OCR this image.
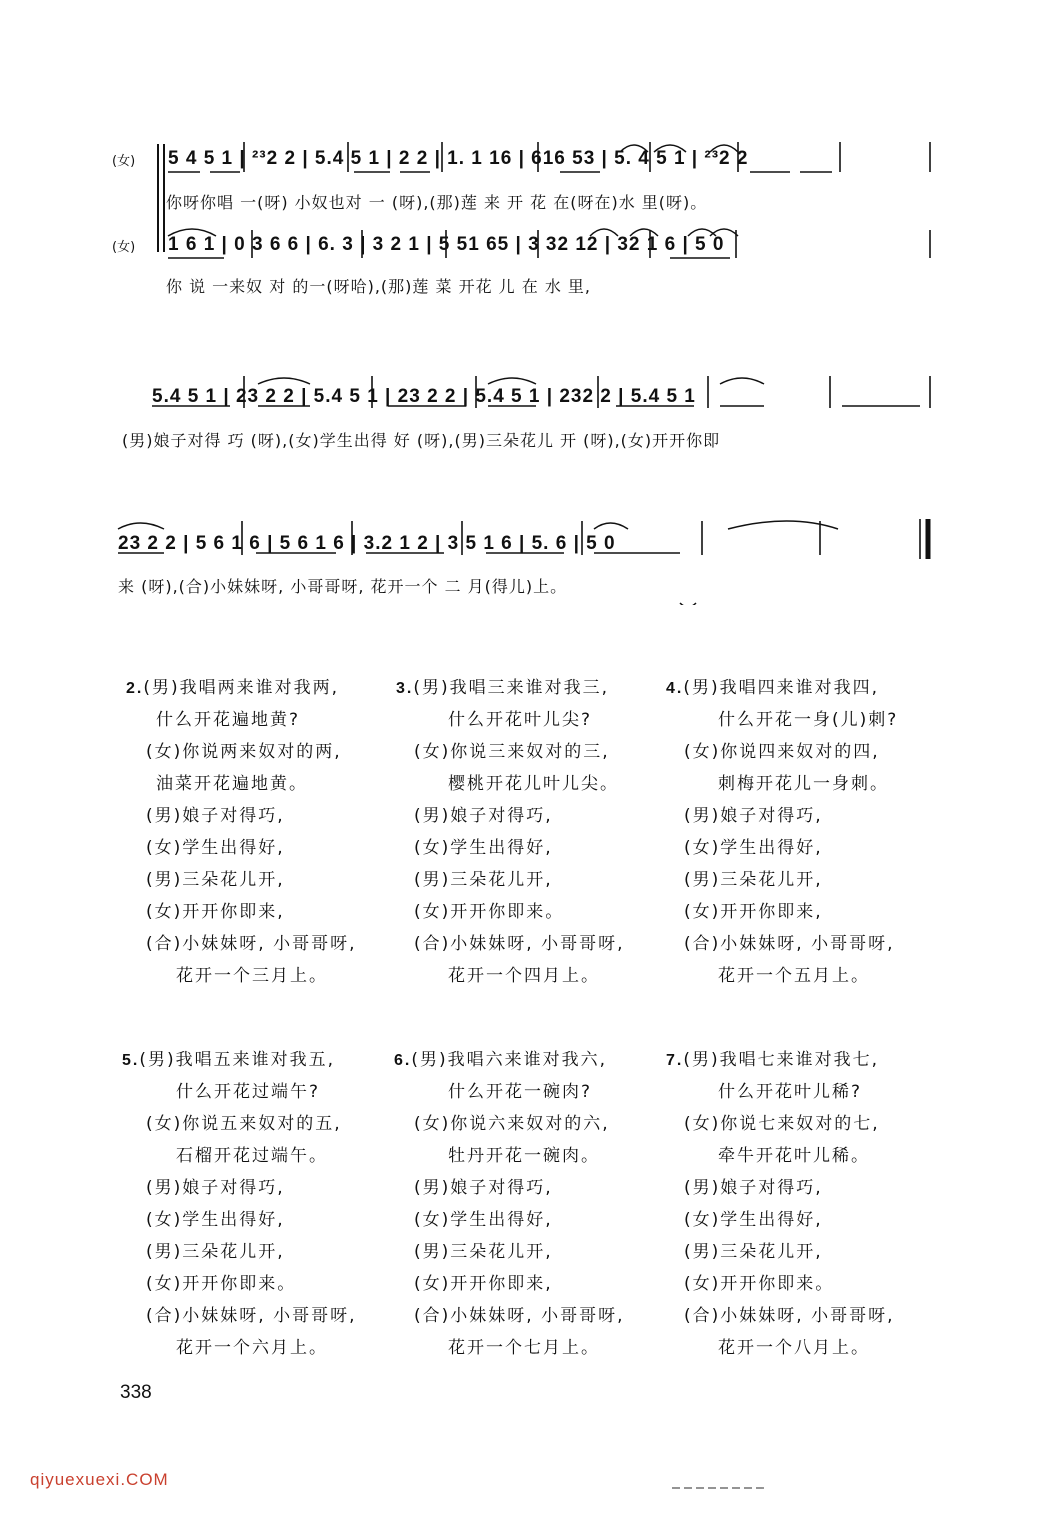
(女) 5 4 5 1 | ²³2 2 | 5.4 5 1 | 2 2 | 1. 1 16 | 616 53 | 5. 4 5 1 | ²³2 2
你呀你唱 一(呀) 小奴也对 一 (呀),(那)莲 来 开 花 在(呀在)水 里(呀)。
(女) 1 6 1 | 0 3 6 6 | 6. 3 | 3 2 1 | 5 51 65 | 3 32 12 | 32 1 6 | 5 0
你 说 一来奴 对 的一(呀哈),(那)莲 菜 开花 儿 在 水 里,
5.4 5 1 | 23 2 2 | 5.4 5 1 | 23 2 2 | 5.4 5 1 | 232 2 | 5.4 5 1
(男)娘子对得 巧 (呀),(女)学生出得 好 (呀),(男)三朵花儿 开 (呀),(女)开开你即
23 2 2 | 5 6 1 6 | 5 6 1 6 | 3.2 1 2 | 3 5 1 6 | 5. 6 | 5 0
来 (呀),(合)小妹妹呀, 小哥哥呀, 花开一个 二 月(得儿)上。
2.(男)我唱两来谁对我两,
什么开花遍地黄?
(女)你说两来奴对的两,
油菜开花遍地黄。
(男)娘子对得巧,
(女)学生出得好,
(男)三朵花儿开,
(女)开开你即来,
(合)小妹妹呀, 小哥哥呀,
花开一个三月上。
3.(男)我唱三来谁对我三,
什么开花叶儿尖?
(女)你说三来奴对的三,
樱桃开花儿叶儿尖。
(男)娘子对得巧,
(女)学生出得好,
(男)三朵花儿开,
(女)开开你即来。
(合)小妹妹呀, 小哥哥呀,
花开一个四月上。
4.(男)我唱四来谁对我四,
什么开花一身(儿)刺?
(女)你说四来奴对的四,
刺梅开花儿一身刺。
(男)娘子对得巧,
(女)学生出得好,
(男)三朵花儿开,
(女)开开你即来,
(合)小妹妹呀, 小哥哥呀,
花开一个五月上。
5.(男)我唱五来谁对我五,
什么开花过端午?
(女)你说五来奴对的五,
石榴开花过端午。
(男)娘子对得巧,
(女)学生出得好,
(男)三朵花儿开,
(女)开开你即来。
(合)小妹妹呀, 小哥哥呀,
花开一个六月上。
6.(男)我唱六来谁对我六,
什么开花一碗肉?
(女)你说六来奴对的六,
牡丹开花一碗肉。
(男)娘子对得巧,
(女)学生出得好,
(男)三朵花儿开,
(女)开开你即来,
(合)小妹妹呀, 小哥哥呀,
花开一个七月上。
7.(男)我唱七来谁对我七,
什么开花叶儿稀?
(女)你说七来奴对的七,
牵牛开花叶儿稀。
(男)娘子对得巧,
(女)学生出得好,
(男)三朵花儿开,
(女)开开你即来。
(合)小妹妹呀, 小哥哥呀,
花开一个八月上。
338
qiyuexuexi.COM
